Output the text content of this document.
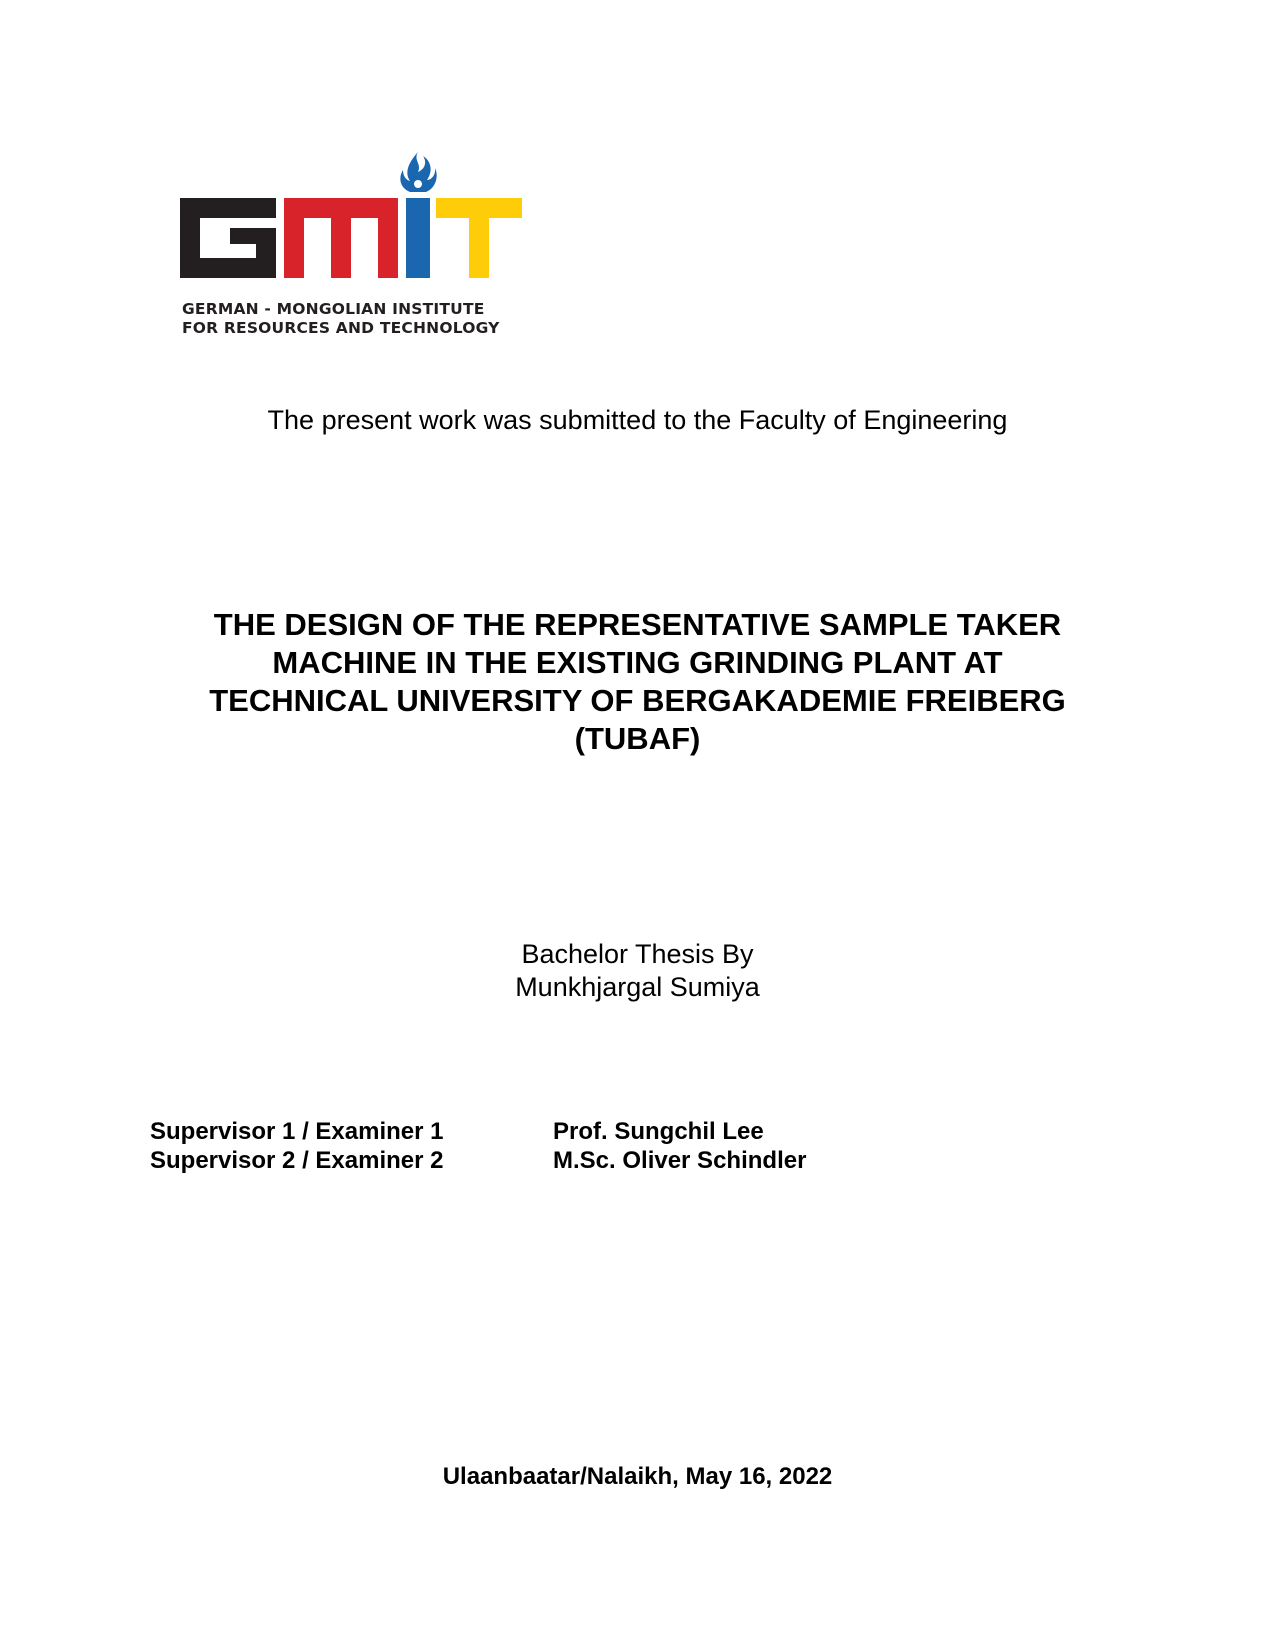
GERMAN - MONGOLIAN INSTITUTE
FOR RESOURCES AND TECHNOLOGY
The present work was submitted to the Faculty of Engineering
THE DESIGN OF THE REPRESENTATIVE SAMPLE TAKER
MACHINE IN THE EXISTING GRINDING PLANT AT
TECHNICAL UNIVERSITY OF BERGAKADEMIE FREIBERG
(TUBAF)
Bachelor Thesis By
Munkhjargal Sumiya
Supervisor 1 / Examiner 1	Prof. Sungchil Lee
Supervisor 2 / Examiner 2	M.Sc. Oliver Schindler
Ulaanbaatar/Nalaikh, May 16, 2022
